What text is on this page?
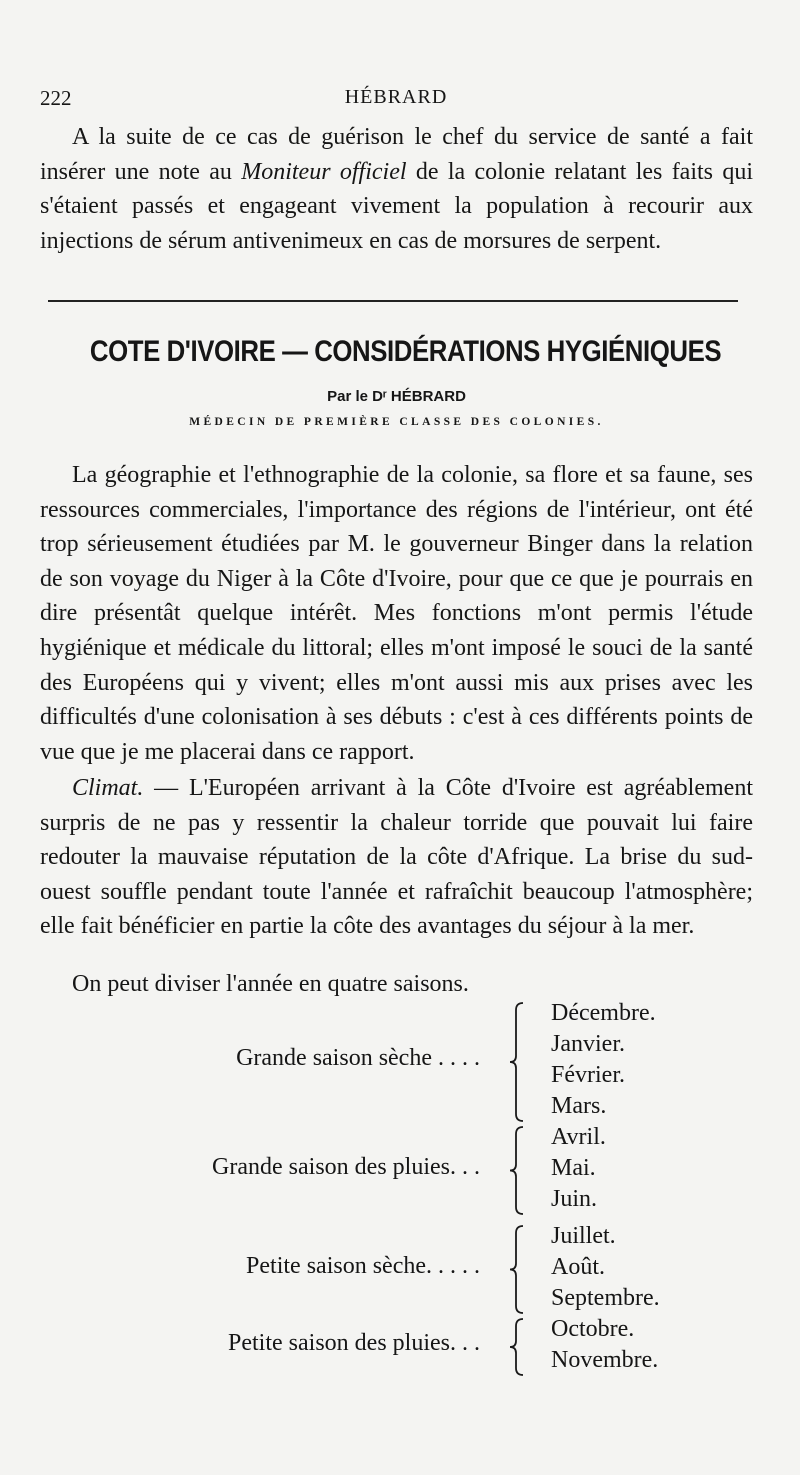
222	HÉBRARD

A la suite de ce cas de guérison le chef du service de santé a fait insérer une note au Moniteur officiel de la colonie relatant les faits qui s'étaient passés et engageant vivement la population à recourir aux injections de sérum antivenimeux en cas de morsures de serpent.

COTE D'IVOIRE — CONSIDÉRATIONS HYGIÉNIQUES
Par le Dʳ HÉBRARD
MÉDECIN DE PREMIÈRE CLASSE DES COLONIES.

La géographie et l'ethnographie de la colonie, sa flore et sa faune, ses ressources commerciales, l'importance des régions de l'intérieur, ont été trop sérieusement étudiées par M. le gouverneur Binger dans la relation de son voyage du Niger à la Côte d'Ivoire, pour que ce que je pourrais en dire présentât quelque intérêt. Mes fonctions m'ont permis l'étude hygiénique et médicale du littoral; elles m'ont imposé le souci de la santé des Européens qui y vivent; elles m'ont aussi mis aux prises avec les difficultés d'une colonisation à ses débuts : c'est à ces différents points de vue que je me placerai dans ce rapport.

Climat. — L'Européen arrivant à la Côte d'Ivoire est agréablement surpris de ne pas y ressentir la chaleur torride que pouvait lui faire redouter la mauvaise réputation de la côte d'Afrique. La brise du sud-ouest souffle pendant toute l'année et rafraîchit beaucoup l'atmosphère; elle fait bénéficier en partie la côte des avantages du séjour à la mer.

On peut diviser l'année en quatre saisons.

Grande saison sèche . . . .
Décembre.
Janvier.
Février.
Mars.
Grande saison des pluies. . .
Avril.
Mai.
Juin.
Petite saison sèche. . . . .
Juillet.
Août.
Septembre.
Petite saison des pluies. . .
Octobre.
Novembre.
